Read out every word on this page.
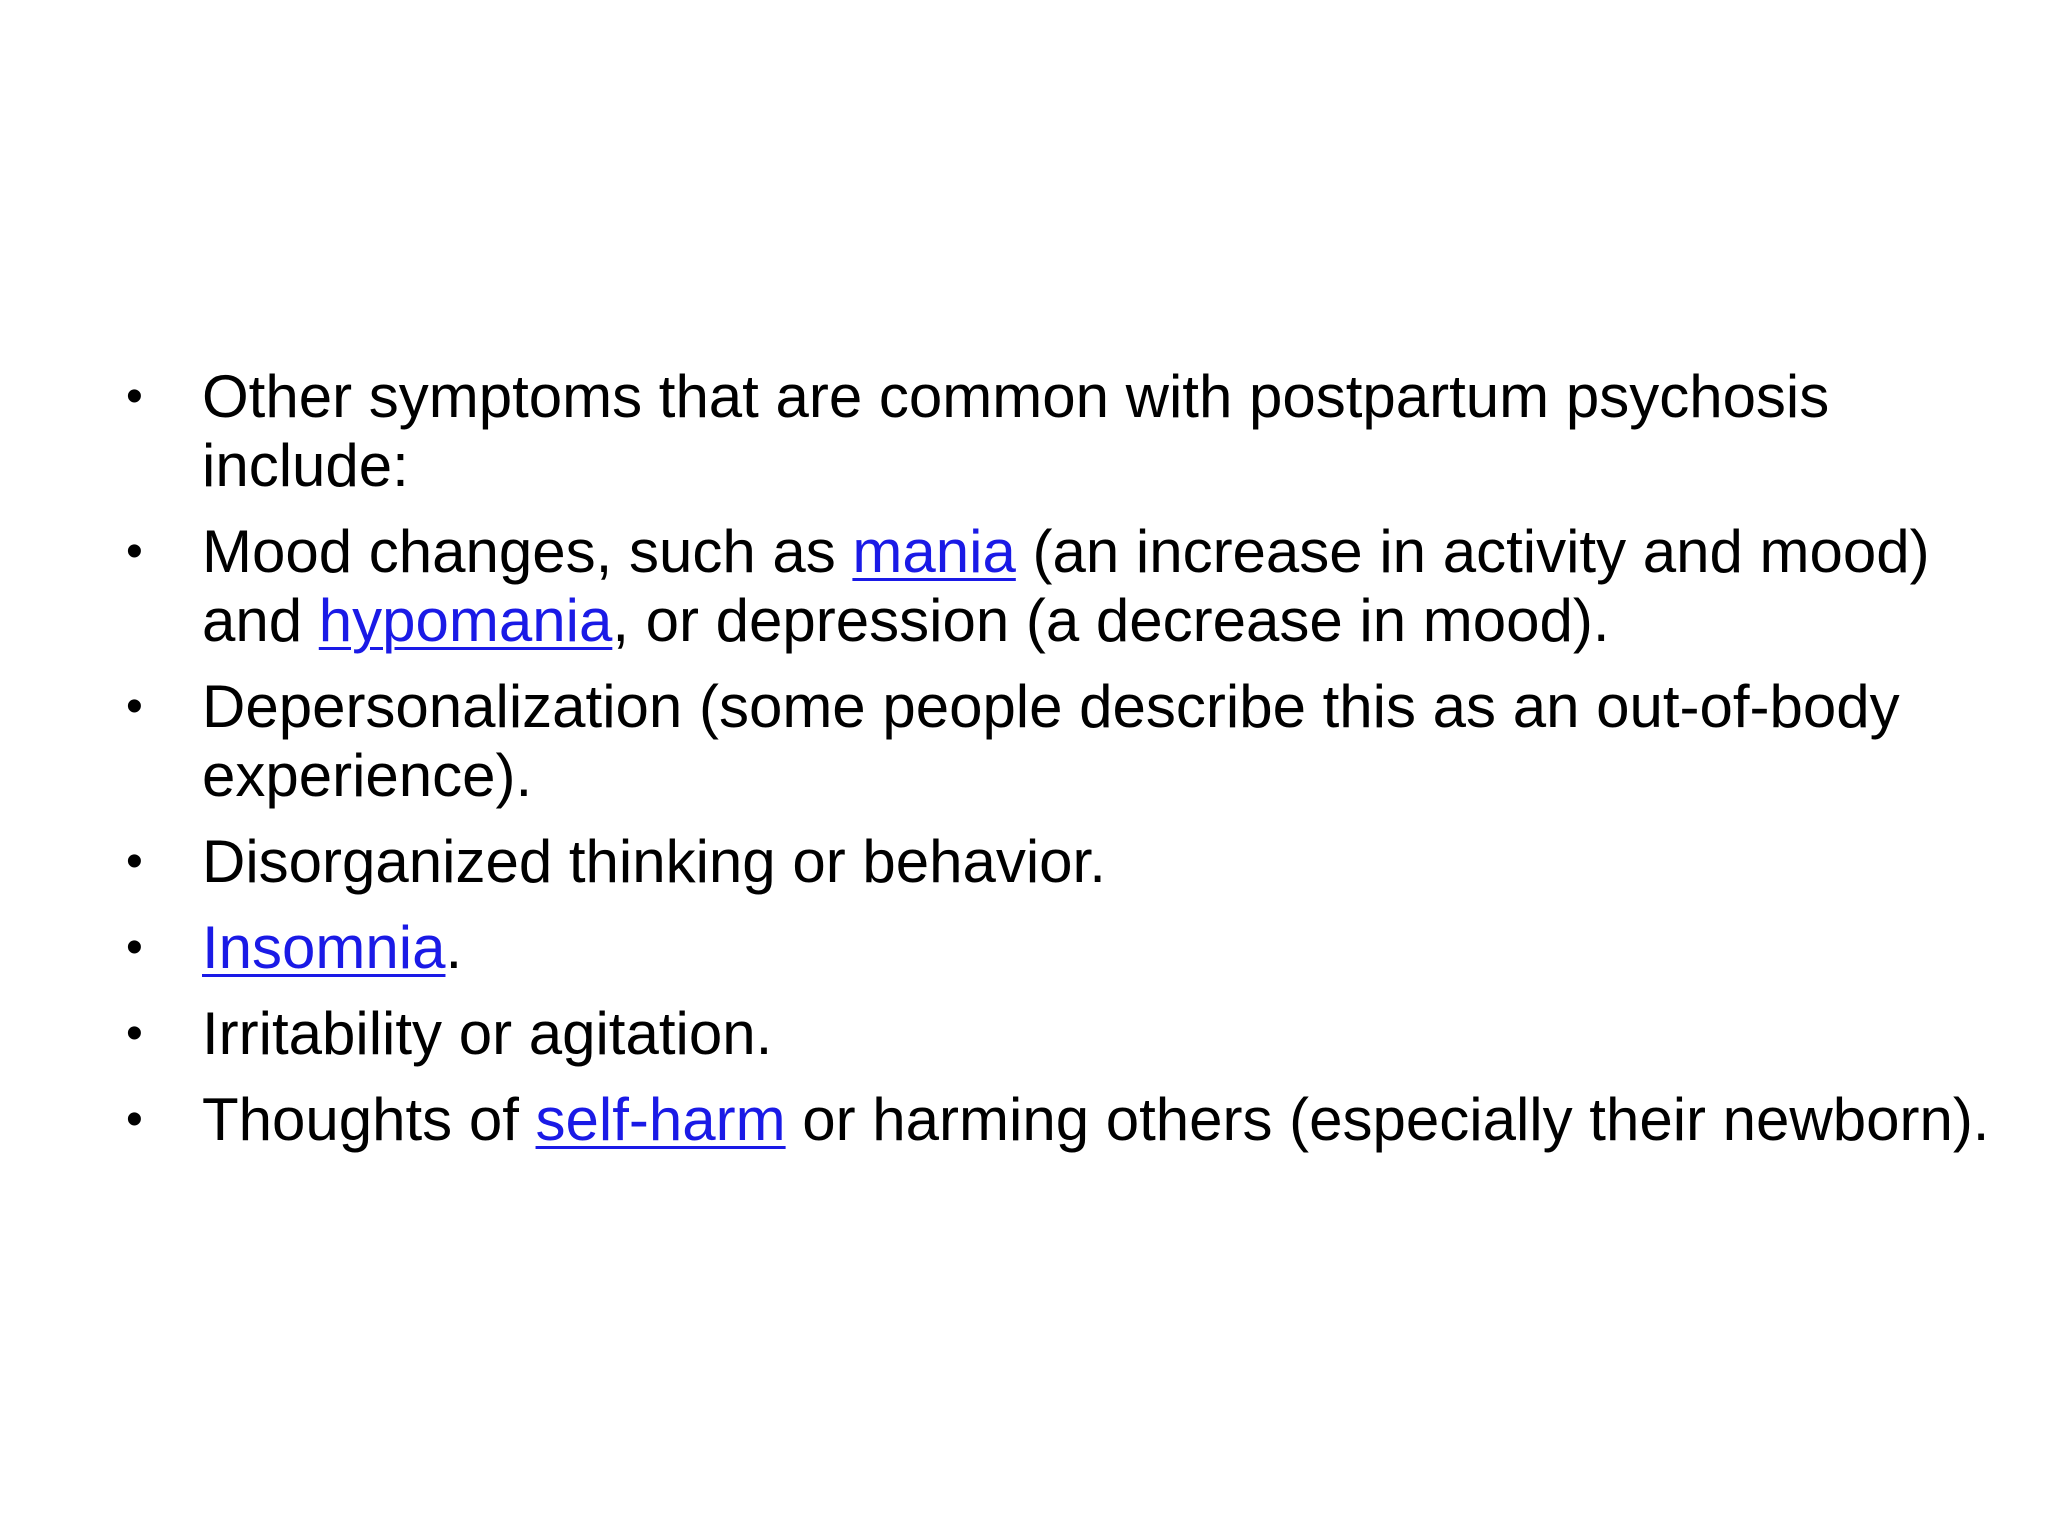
• Other symptoms that are common with postpartum psychosis include:
• Mood changes, such as mania (an increase in activity and mood) and hypomania, or depression (a decrease in mood).
• Depersonalization (some people describe this as an out-of-body experience).
• Disorganized thinking or behavior.
• Insomnia.
• Irritability or agitation.
• Thoughts of self-harm or harming others (especially their newborn).
